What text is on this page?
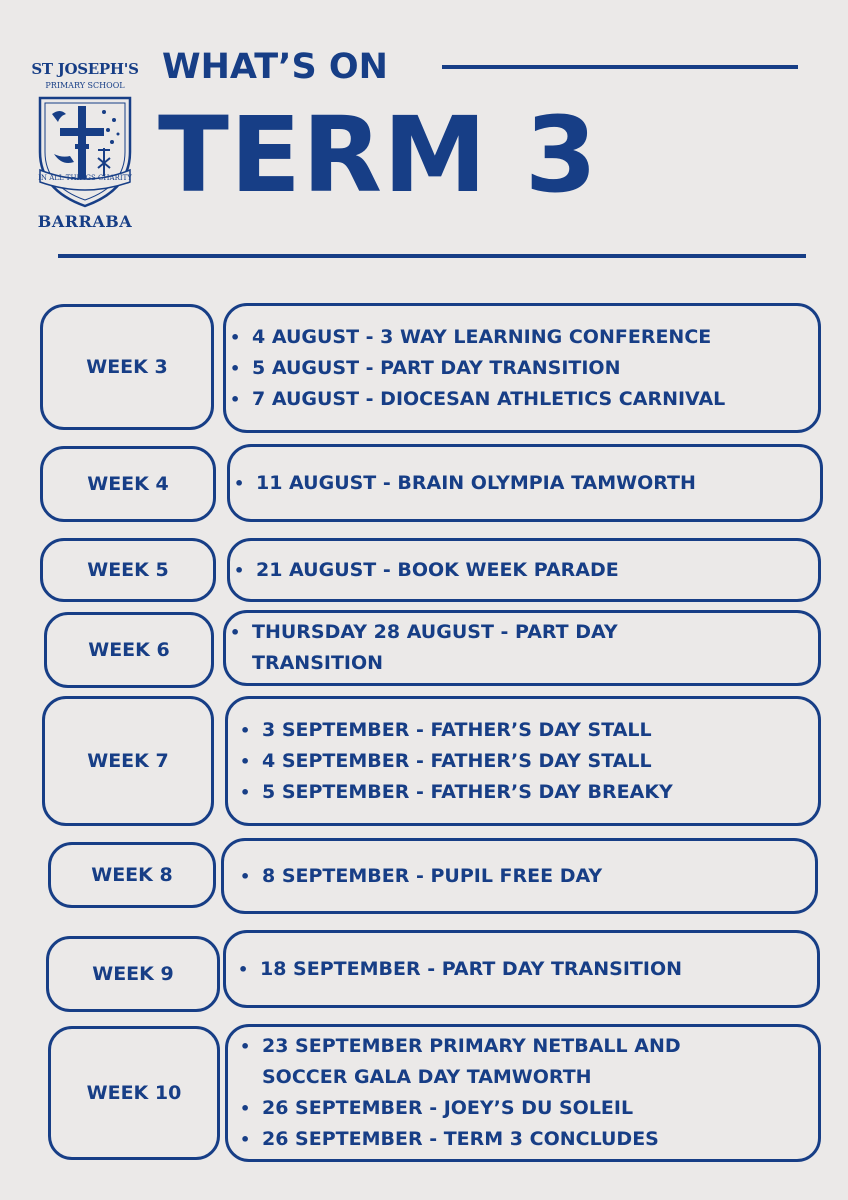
ST JOSEPH'S
PRIMARY SCHOOL
IN ALL THINGS CHARITY
BARRABA
WHAT’S ON
TERM 3
WEEK 3
• 4 AUGUST - 3 WAY LEARNING CONFERENCE
• 5 AUGUST - PART DAY TRANSITION
• 7 AUGUST - DIOCESAN ATHLETICS CARNIVAL
WEEK 4	• 11 AUGUST - BRAIN OLYMPIA TAMWORTH
WEEK 5	• 21 AUGUST - BOOK WEEK PARADE
WEEK 6
• THURSDAY 28 AUGUST - PART DAY
TRANSITION
WEEK 7
• 3 SEPTEMBER - FATHER’S DAY STALL
• 4 SEPTEMBER - FATHER’S DAY STALL
• 5 SEPTEMBER - FATHER’S DAY BREAKY
WEEK 8	• 8 SEPTEMBER - PUPIL FREE DAY
WEEK 9	• 18 SEPTEMBER - PART DAY TRANSITION
WEEK 10
• 23 SEPTEMBER PRIMARY NETBALL AND
SOCCER GALA DAY TAMWORTH
• 26 SEPTEMBER - JOEY’S DU SOLEIL
• 26 SEPTEMBER - TERM 3 CONCLUDES
